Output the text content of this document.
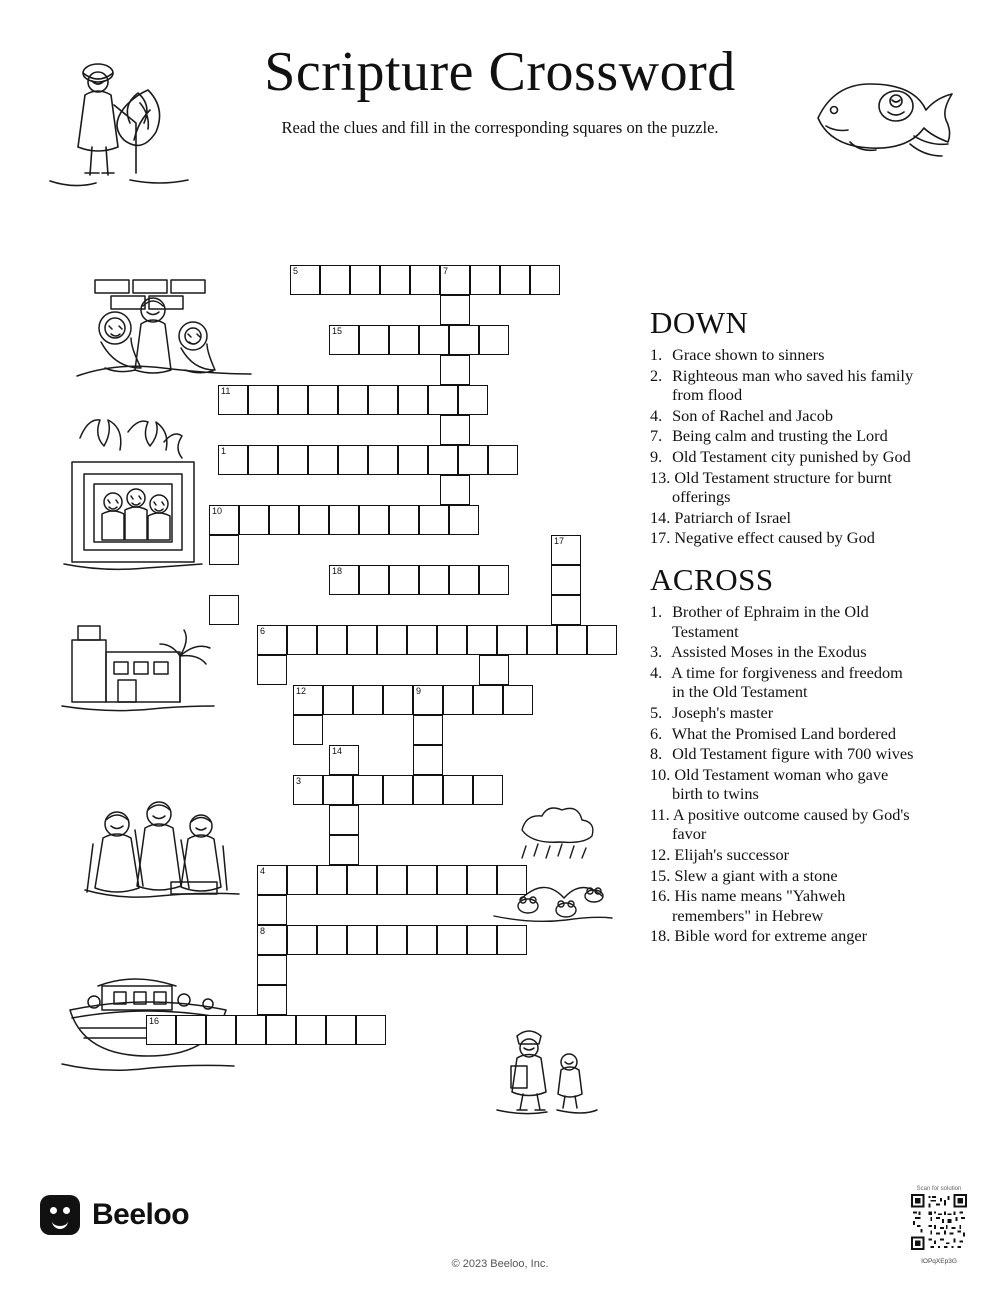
Scripture Crossword
Read the clues and fill in the corresponding squares on the puzzle.
5	7
15
11
1
10
17
18
6
12	9
14
3
4
8
16
DOWN
1. Grace shown to sinners
2. Righteous man who saved his family from flood
4. Son of Rachel and Jacob
7. Being calm and trusting the Lord
9. Old Testament city punished by God
13. Old Testament structure for burnt offerings
14. Patriarch of Israel
17. Negative effect caused by God
ACROSS
1. Brother of Ephraim in the Old Testament
3. Assisted Moses in the Exodus
4. A time for forgiveness and freedom in the Old Testament
5. Joseph's master
6. What the Promised Land bordered
8. Old Testament figure with 700 wives
10. Old Testament woman who gave birth to twins
11. A positive outcome caused by God's favor
12. Elijah's successor
15. Slew a giant with a stone
16. His name means "Yahweh remembers" in Hebrew
18. Bible word for extreme anger
Beeloo
© 2023 Beeloo, Inc.
Scan for solution
IOPqXEp3G
